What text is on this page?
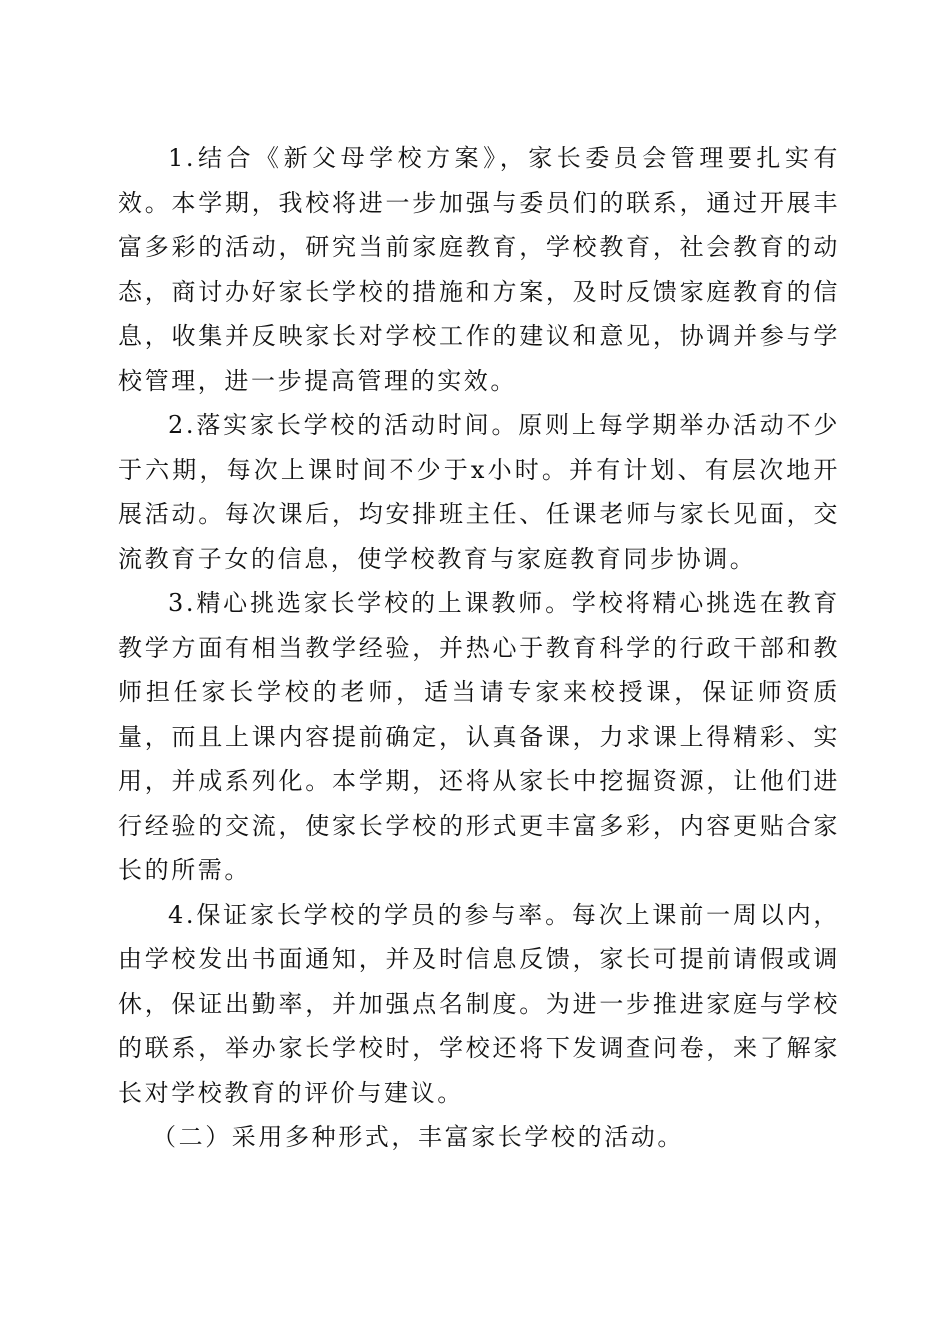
1.结合《新父母学校方案》，家长委员会管理要扎实有效。本学期，我校将进一步加强与委员们的联系，通过开展丰富多彩的活动，研究当前家庭教育，学校教育，社会教育的动态，商讨办好家长学校的措施和方案，及时反馈家庭教育的信息，收集并反映家长对学校工作的建议和意见，协调并参与学校管理，进一步提高管理的实效。

2.落实家长学校的活动时间。原则上每学期举办活动不少于六期，每次上课时间不少于x小时。并有计划、有层次地开展活动。每次课后，均安排班主任、任课老师与家长见面，交流教育子女的信息，使学校教育与家庭教育同步协调。

3.精心挑选家长学校的上课教师。学校将精心挑选在教育教学方面有相当教学经验，并热心于教育科学的行政干部和教师担任家长学校的老师，适当请专家来校授课，保证师资质量，而且上课内容提前确定，认真备课，力求课上得精彩、实用，并成系列化。本学期，还将从家长中挖掘资源，让他们进行经验的交流，使家长学校的形式更丰富多彩，内容更贴合家长的所需。

4.保证家长学校的学员的参与率。每次上课前一周以内，由学校发出书面通知，并及时信息反馈，家长可提前请假或调休，保证出勤率，并加强点名制度。为进一步推进家庭与学校的联系，举办家长学校时，学校还将下发调查问卷，来了解家长对学校教育的评价与建议。

（二）采用多种形式，丰富家长学校的活动。
